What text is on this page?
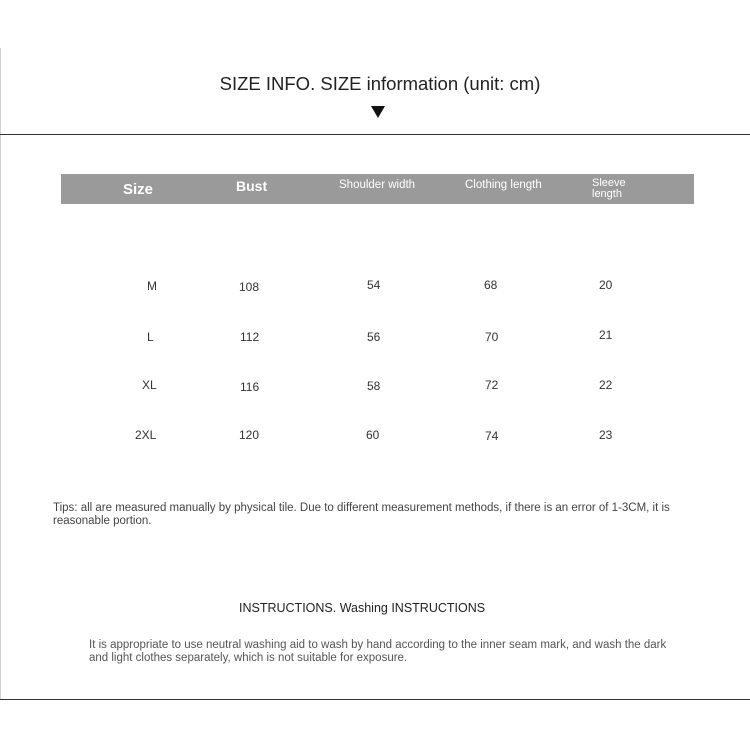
SIZE INFO. SIZE information (unit: cm)
Size	Bust	Shoulder width	Clothing length	Sleeve length
M	108	54	68	20
L	112	56	70	21
XL	116	58	72	22
2XL	120	60	74	23
Tips: all are measured manually by physical tile. Due to different measurement methods, if there is an error of 1-3CM, it is reasonable portion.
INSTRUCTIONS. Washing INSTRUCTIONS
It is appropriate to use neutral washing aid to wash by hand according to the inner seam mark, and wash the dark and light clothes separately, which is not suitable for exposure.
